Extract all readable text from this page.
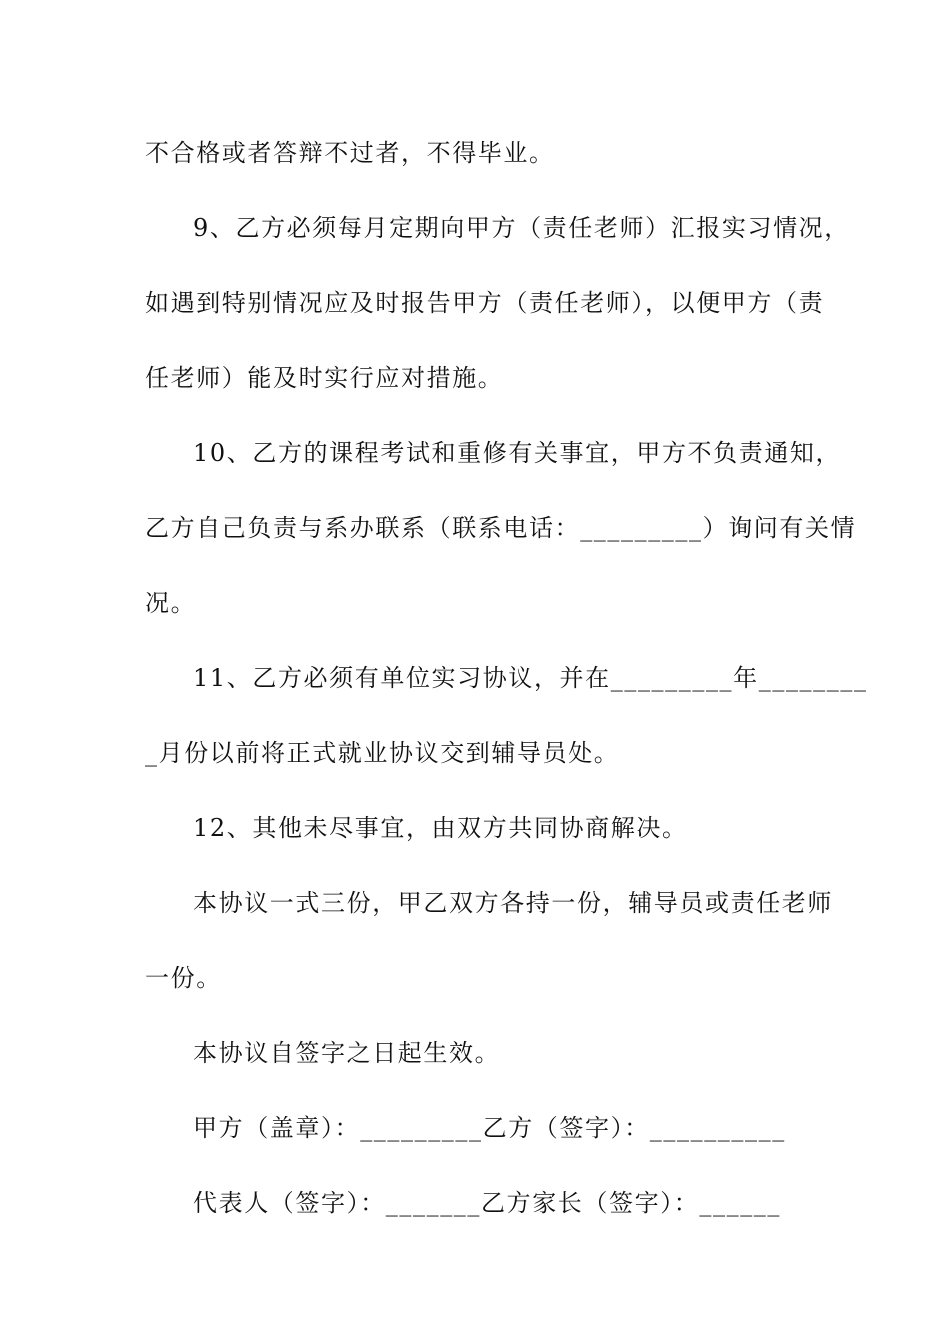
不合格或者答辩不过者，不得毕业。
9、乙方必须每月定期向甲方（责任老师）汇报实习情况，
如遇到特别情况应及时报告甲方（责任老师），以便甲方（责
任老师）能及时实行应对措施。
10、乙方的课程考试和重修有关事宜，甲方不负责通知，
乙方自己负责与系办联系（联系电话：_________）询问有关情
况。
11、乙方必须有单位实习协议，并在_________年________
_月份以前将正式就业协议交到辅导员处。
12、其他未尽事宜，由双方共同协商解决。
本协议一式三份，甲乙双方各持一份，辅导员或责任老师
一份。
本协议自签字之日起生效。
甲方（盖章）：_________乙方（签字）：__________
代表人（签字）：_______乙方家长（签字）：______
